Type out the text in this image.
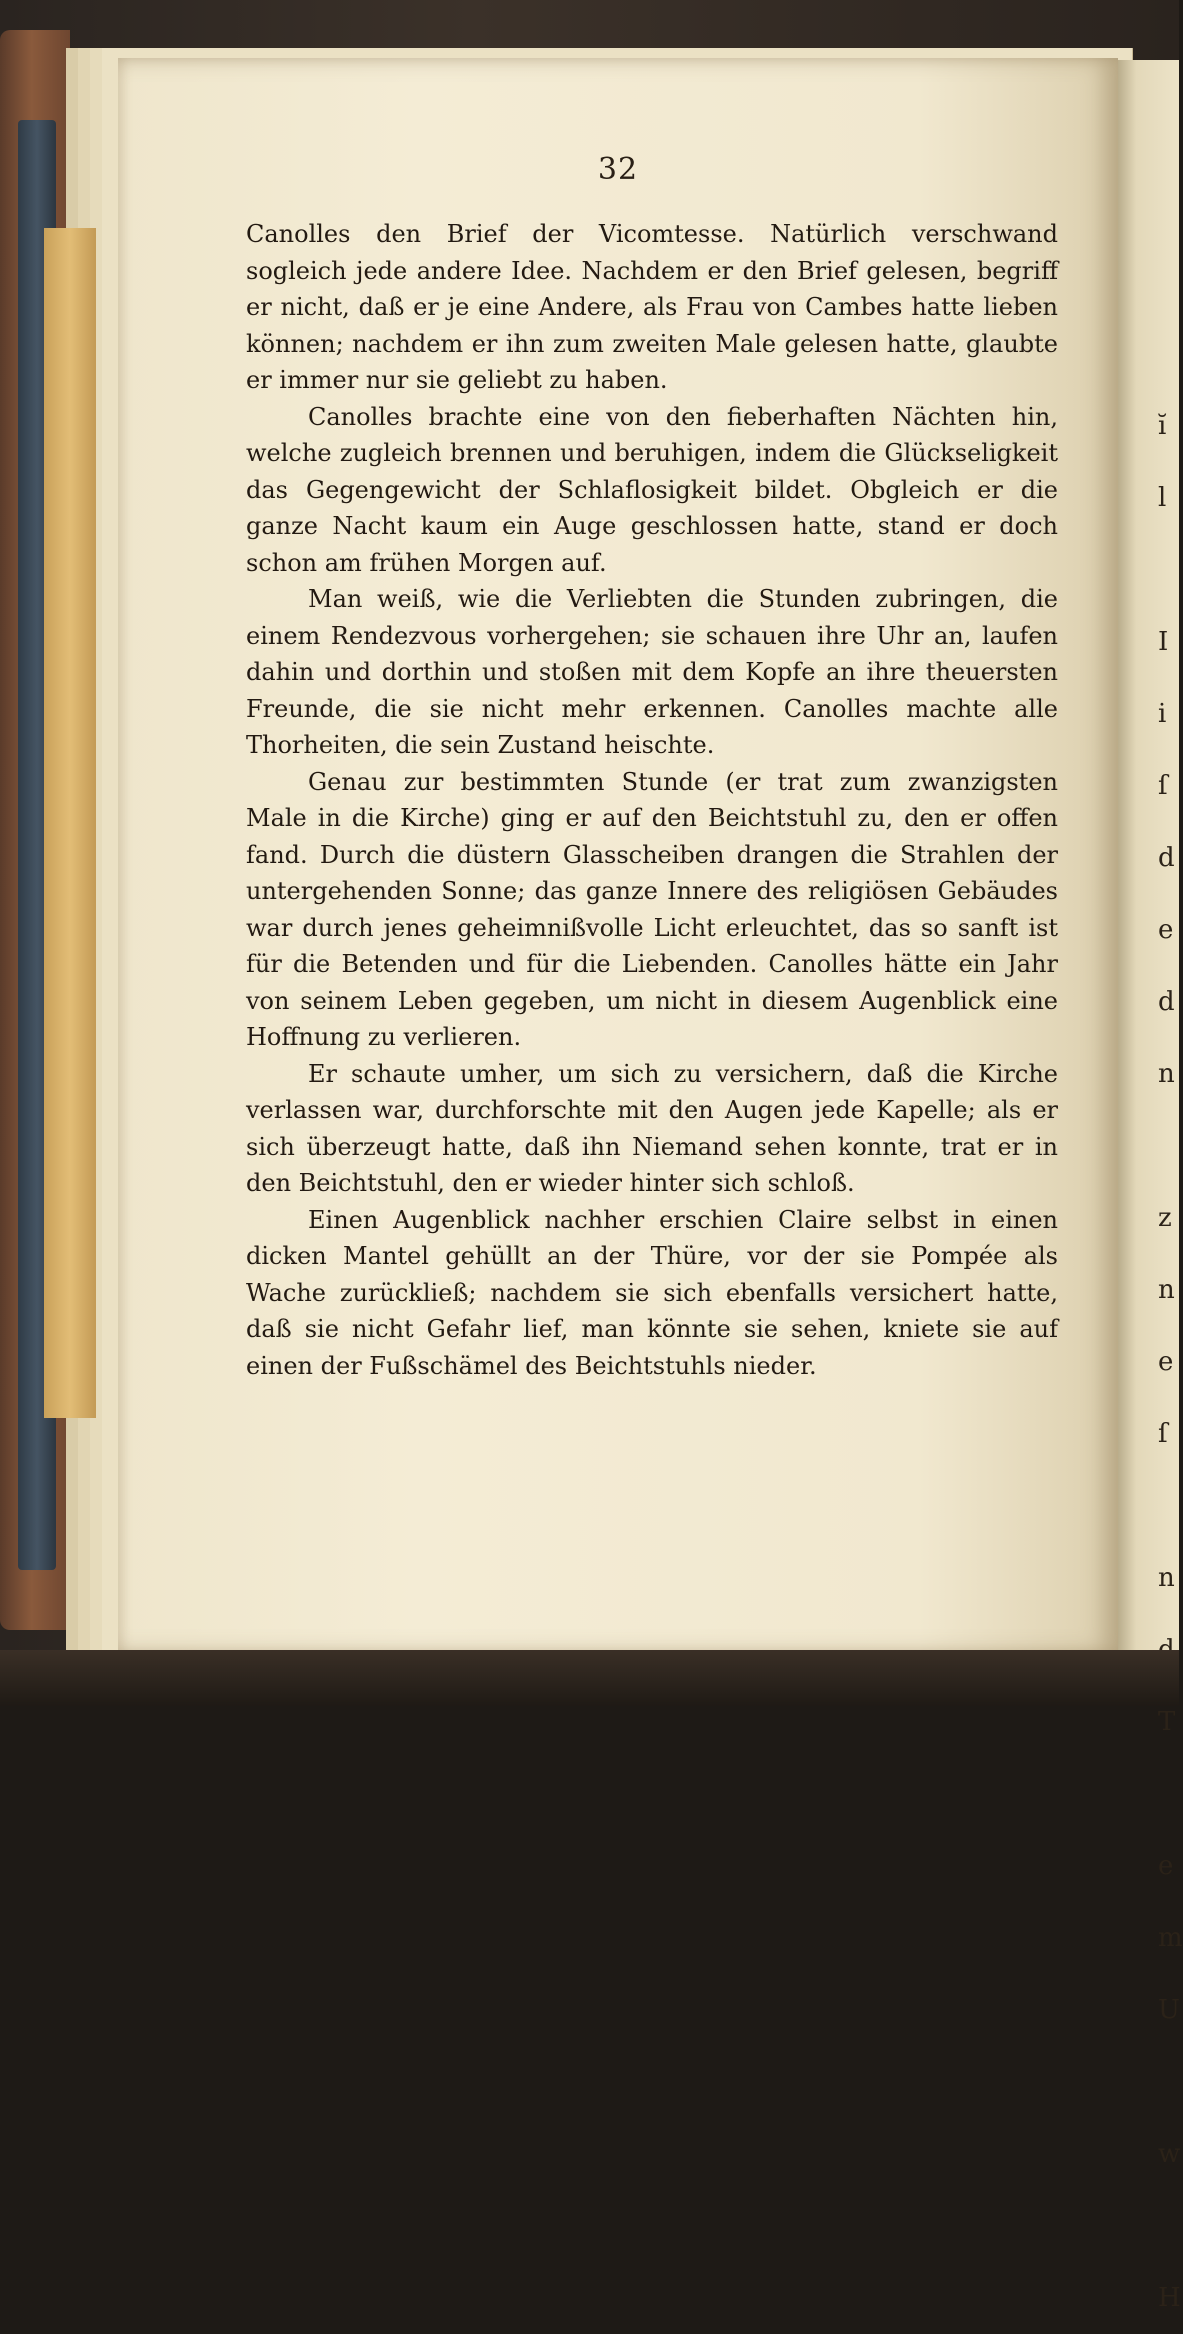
ĭ
l

I
i
ſ
d
e
d
n

z
n
e
ſ

n

T

e
m
U

w

H
32

Canolles den Brief der Vicomtesse. Natürlich verschwand sogleich jede andere Idee. Nachdem er den Brief gelesen, begriff er nicht, daß er je eine Andere, als Frau von Cambes hatte lieben können; nachdem er ihn zum zweiten Male gelesen hatte, glaubte er immer nur sie geliebt zu haben.

Canolles brachte eine von den fieberhaften Nächten hin, welche zugleich brennen und beruhigen, indem die Glückseligkeit das Gegengewicht der Schlaflosigkeit bildet. Obgleich er die ganze Nacht kaum ein Auge geschlossen hatte, stand er doch schon am frühen Morgen auf.

Man weiß, wie die Verliebten die Stunden zubringen, die einem Rendezvous vorhergehen; sie schauen ihre Uhr an, laufen dahin und dorthin und stoßen mit dem Kopfe an ihre theuersten Freunde, die sie nicht mehr erkennen. Canolles machte alle Thorheiten, die sein Zustand heischte.

Genau zur bestimmten Stunde (er trat zum zwanzigsten Male in die Kirche) ging er auf den Beichtstuhl zu, den er offen fand. Durch die düstern Glasscheiben drangen die Strahlen der untergehenden Sonne; das ganze Innere des religiösen Gebäudes war durch jenes geheimnißvolle Licht erleuchtet, das so sanft ist für die Betenden und für die Liebenden. Canolles hätte ein Jahr von seinem Leben gegeben, um nicht in diesem Augenblick eine Hoffnung zu verlieren.

Er schaute umher, um sich zu versichern, daß die Kirche verlassen war, durchforschte mit den Augen jede Kapelle; als er sich überzeugt hatte, daß ihn Niemand sehen konnte, trat er in den Beichtstuhl, den er wieder hinter sich schloß.

Einen Augenblick nachher erschien Claire selbst in einen dicken Mantel gehüllt an der Thüre, vor der sie Pompée als Wache zurückließ; nachdem sie sich ebenfalls versichert hatte, daß sie nicht Gefahr lief, man könnte sie sehen, kniete sie auf einen der Fußschämel des Beichtstuhls nieder.
